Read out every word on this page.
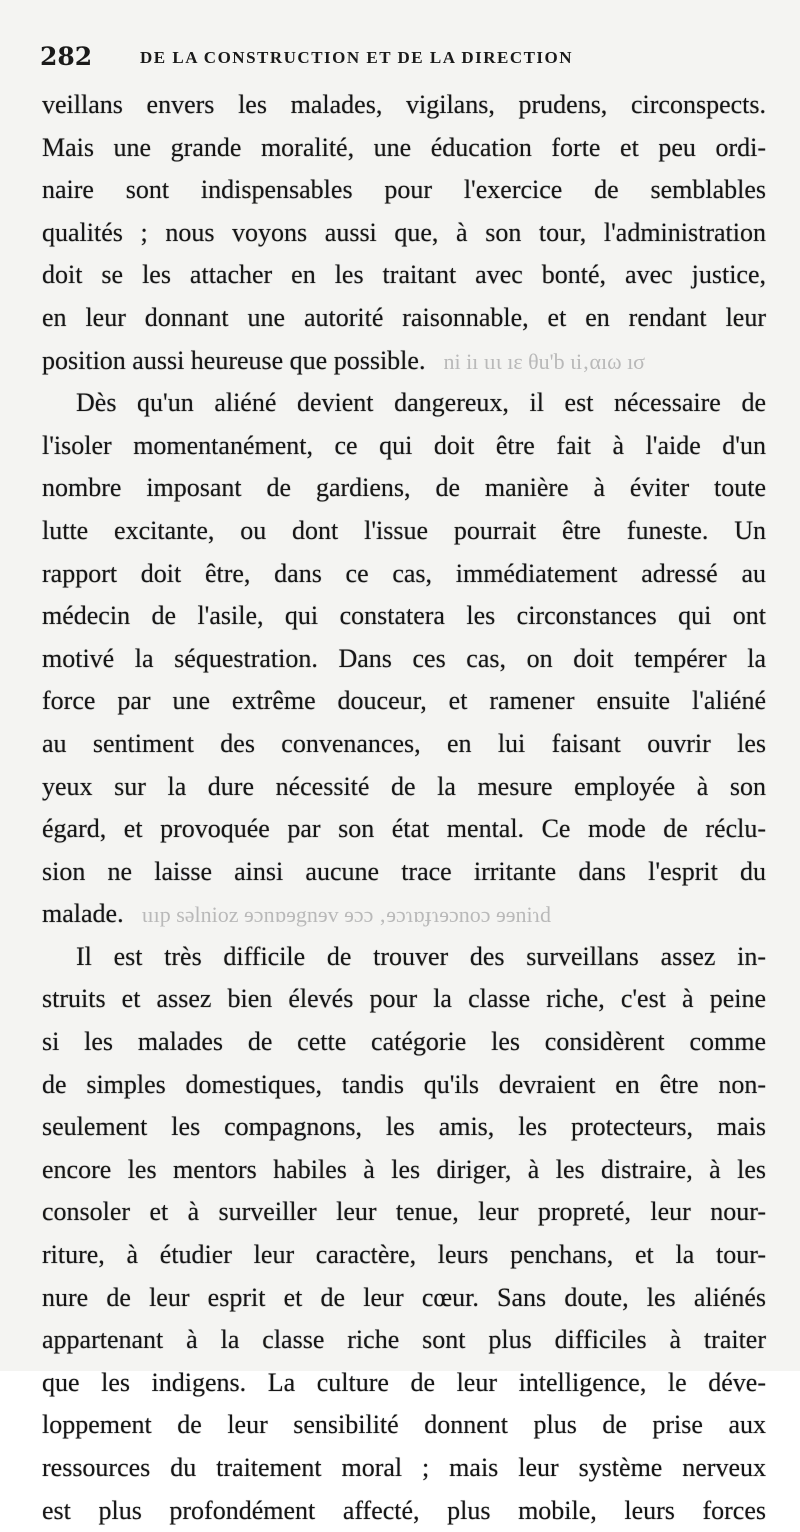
282	DE LA CONSTRUCTION ET DE LA DIRECTION
veillans envers les malades, vigilans, prudens, circonspects.
Mais une grande moralité, une éducation forte et peu ordi-
naire sont indispensables pour l'exercice de semblables
qualités ; nous voyons aussi que, à son tour, l'administration
doit se les attacher en les traitant avec bonté, avec justice,
en leur donnant une autorité raisonnable, et en rendant leur
position aussi heureuse que possible. ni iı ιıι ıε θu'b ιi‚αıω ıσ
Dès qu'un aliéné devient dangereux, il est nécessaire de
l'isoler momentanément, ce qui doit être fait à l'aide d'un
nombre imposant de gardiens, de manière à éviter toute
lutte excitante, ou dont l'issue pourrait être funeste. Un
rapport doit être, dans ce cas, immédiatement adressé au
médecin de l'asile, qui constatera les circonstances qui ont
motivé la séquestration. Dans ces cas, on doit tempérer la
force par une extrême douceur, et ramener ensuite l'aliéné
au sentiment des convenances, en lui faisant ouvrir les
yeux sur la dure nécessité de la mesure employée à son
égard, et provoquée par son état mental. Ce mode de réclu-
sion ne laisse ainsi aucune trace irritante dans l'esprit du
malade. ιııp səlnioz ɘɔnɒɘgnɘv ɘɔɔ ‚ɘɔɿɒɟɿɘɔnoɔ ɘɘniɿd
Il est très difficile de trouver des surveillans assez in-
struits et assez bien élevés pour la classe riche, c'est à peine
si les malades de cette catégorie les considèrent comme
de simples domestiques, tandis qu'ils devraient en être non-
seulement les compagnons, les amis, les protecteurs, mais
encore les mentors habiles à les diriger, à les distraire, à les
consoler et à surveiller leur tenue, leur propreté, leur nour-
riture, à étudier leur caractère, leurs penchans, et la tour-
nure de leur esprit et de leur cœur. Sans doute, les aliénés
appartenant à la classe riche sont plus difficiles à traiter
que les indigens. La culture de leur intelligence, le déve-
loppement de leur sensibilité donnent plus de prise aux
ressources du traitement moral ; mais leur système nerveux
est plus profondément affecté, plus mobile, leurs forces
